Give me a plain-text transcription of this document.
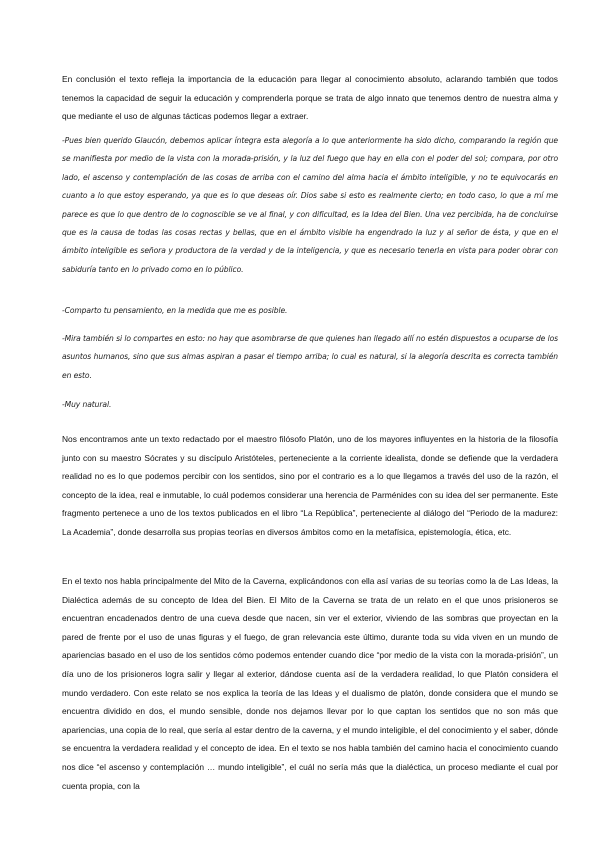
En conclusión el texto refleja la importancia de la educación para llegar al conocimiento absoluto, aclarando también que todos tenemos la capacidad de seguir la educación y comprenderla porque se trata de algo innato que tenemos dentro de nuestra alma y que mediante el uso de algunas tácticas podemos llegar a extraer.

-Pues bien querido Glaucón, debemos aplicar íntegra esta alegoría a lo que anteriormente ha sido dicho, comparando la región que se manifiesta por medio de la vista con la morada-prisión, y la luz del fuego que hay en ella con el poder del sol; compara, por otro lado, el ascenso y contemplación de las cosas de arriba con el camino del alma hacia el ámbito inteligible, y no te equivocarás en cuanto a lo que estoy esperando, ya que es lo que deseas oír. Dios sabe si esto es realmente cierto; en todo caso, lo que a mí me parece es que lo que dentro de lo cognoscible se ve al final, y con dificultad, es la Idea del Bien. Una vez percibida, ha de concluirse que es la causa de todas las cosas rectas y bellas, que en el ámbito visible ha engendrado la luz y al señor de ésta, y que en el ámbito inteligible es señora y productora de la verdad y de la inteligencia, y que es necesario tenerla en vista para poder obrar con sabiduría tanto en lo privado como en lo público.

-Comparto tu pensamiento, en la medida que me es posible.

-Mira también si lo compartes en esto: no hay que asombrarse de que quienes han llegado allí no estén dispuestos a ocuparse de los asuntos humanos, sino que sus almas aspiran a pasar el tiempo arriba; lo cual es natural, si la alegoría descrita es correcta también en esto.

-Muy natural.

Nos encontramos ante un texto redactado por el maestro filósofo Platón, uno de los mayores influyentes en la historia de la filosofía junto con su maestro Sócrates y su discípulo Aristóteles, perteneciente a la corriente idealista, donde se defiende que la verdadera realidad no es lo que podemos percibir con los sentidos, sino por el contrario es a lo que llegamos a través del uso de la razón, el concepto de la idea, real e inmutable, lo cuál podemos considerar una herencia de Parménides con su idea del ser permanente. Este fragmento pertenece a uno de los textos publicados en el libro “La República”, perteneciente al diálogo del “Periodo de la madurez: La Academia”, donde desarrolla sus propias teorías en diversos ámbitos como en la metafísica, epistemología, ética, etc.

En el texto nos habla principalmente del Mito de la Caverna, explicándonos con ella así varias de su teorías como la de Las Ideas, la Dialéctica además de su concepto de Idea del Bien. El Mito de la Caverna se trata de un relato en el que unos prisioneros se encuentran encadenados dentro de una cueva desde que nacen, sin ver el exterior, viviendo de las sombras que proyectan en la pared de frente por el uso de unas figuras y el fuego, de gran relevancia este último, durante toda su vida viven en un mundo de apariencias basado en el uso de los sentidos cómo podemos entender cuando dice “por medio de la vista con la morada-prisión”, un día uno de los prisioneros logra salir y llegar al exterior, dándose cuenta así de la verdadera realidad, lo que Platón considera el mundo verdadero. Con este relato se nos explica la teoría de las Ideas y el dualismo de platón, donde considera que el mundo se encuentra dividido en dos, el mundo sensible, donde nos dejamos llevar por lo que captan los sentidos que no son más que apariencias, una copia de lo real, que sería al estar dentro de la caverna, y el mundo inteligible, el del conocimiento y el saber, dónde se encuentra la verdadera realidad y el concepto de idea. En el texto se nos habla también del camino hacia el conocimiento cuando nos dice “el ascenso y contemplación … mundo inteligible”, el cuál no sería más que la dialéctica, un proceso mediante el cual por cuenta propia, con la
